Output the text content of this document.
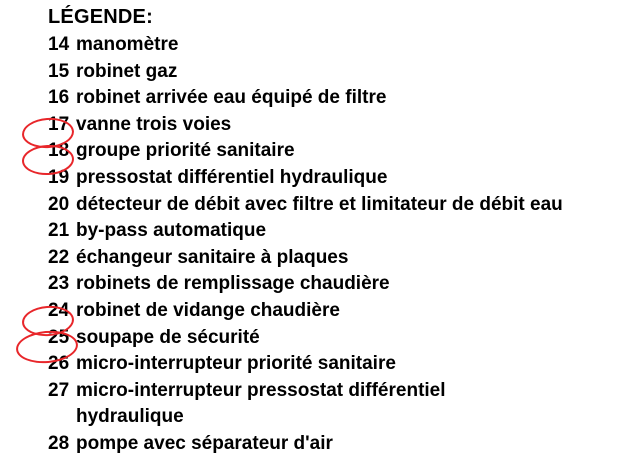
LÉGENDE:
14 manomètre
15 robinet gaz
16 robinet arrivée eau équipé de filtre
17 vanne trois voies
18 groupe priorité sanitaire
19 pressostat différentiel hydraulique
20 détecteur de débit avec filtre et limitateur de débit eau
21 by-pass automatique
22 échangeur sanitaire à plaques
23 robinets de remplissage chaudière
24 robinet de vidange chaudière
25 soupape de sécurité
26 micro-interrupteur priorité sanitaire
27 micro-interrupteur pressostat différentiel
hydraulique
28 pompe avec séparateur d'air
